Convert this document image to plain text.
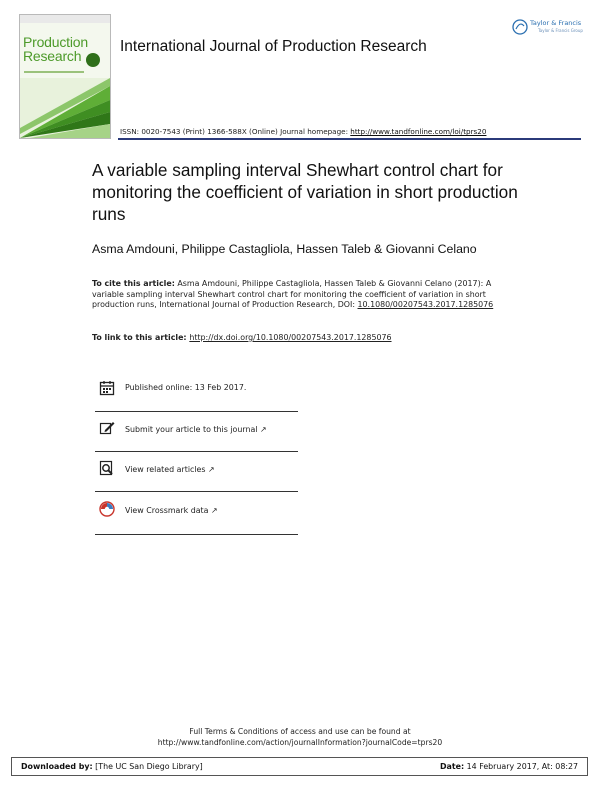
Production Research
International Journal of Production Research
Taylor & Francis
Taylor & Francis Group
ISSN: 0020-7543 (Print) 1366-588X (Online) Journal homepage: http://www.tandfonline.com/loi/tprs20
A variable sampling interval Shewhart control chart for monitoring the coefficient of variation in short production runs
Asma Amdouni, Philippe Castagliola, Hassen Taleb & Giovanni Celano
To cite this article: Asma Amdouni, Philippe Castagliola, Hassen Taleb & Giovanni Celano (2017): A variable sampling interval Shewhart control chart for monitoring the coefficient of variation in short production runs, International Journal of Production Research, DOI: 10.1080/00207543.2017.1285076
To link to this article: http://dx.doi.org/10.1080/00207543.2017.1285076
Published online: 13 Feb 2017.
Submit your article to this journal ↗
View related articles ↗
View Crossmark data ↗
Full Terms & Conditions of access and use can be found at
http://www.tandfonline.com/action/journalInformation?journalCode=tprs20
Downloaded by: [The UC San Diego Library]	Date: 14 February 2017, At: 08:27
